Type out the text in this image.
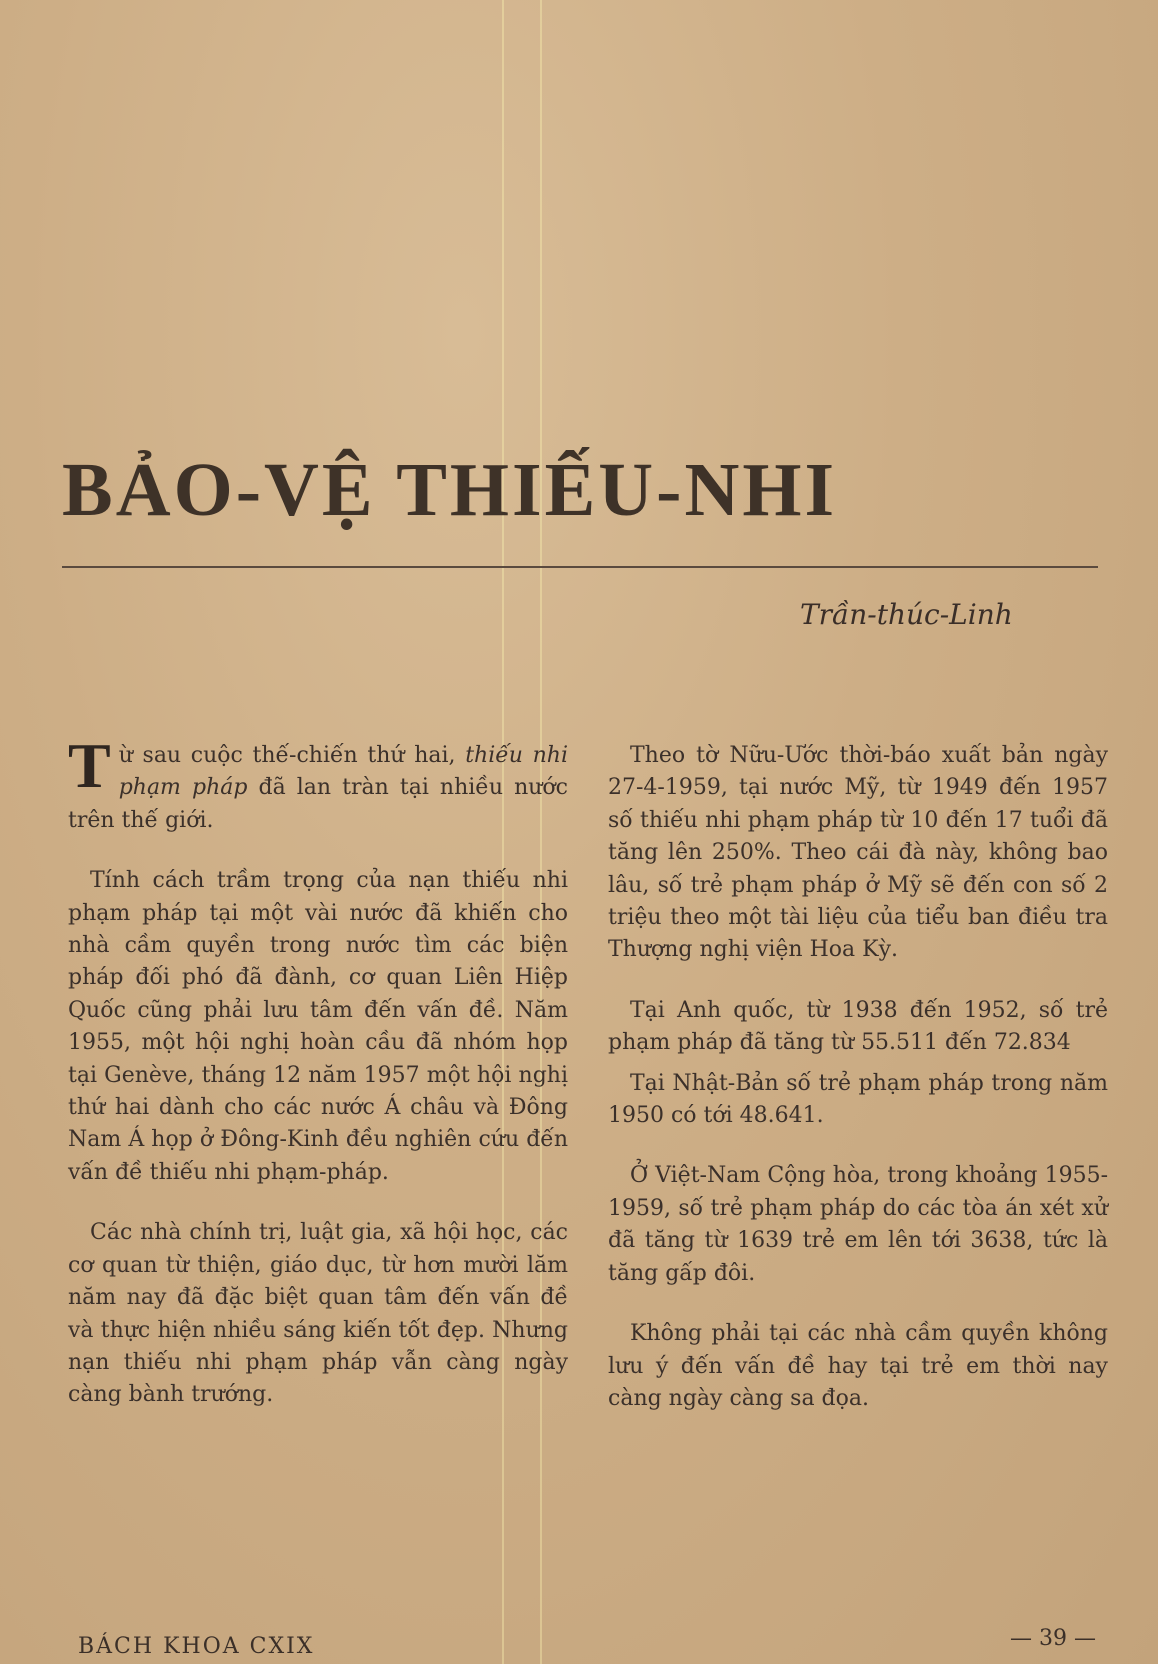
BẢO-VỆ THIẾU-NHI
Trần-thúc-Linh

Từ sau cuộc thế-chiến thứ hai, thiếu nhi phạm pháp đã lan tràn tại nhiều nước trên thế giới.

Tính cách trầm trọng của nạn thiếu nhi phạm pháp tại một vài nước đã khiến cho nhà cầm quyền trong nước tìm các biện pháp đối phó đã đành, cơ quan Liên Hiệp Quốc cũng phải lưu tâm đến vấn đề. Năm 1955, một hội nghị hoàn cầu đã nhóm họp tại Genève, tháng 12 năm 1957 một hội nghị thứ hai dành cho các nước Á châu và Đông Nam Á họp ở Đông-Kinh đều nghiên cứu đến vấn đề thiếu nhi phạm-pháp.

Các nhà chính trị, luật gia, xã hội học, các cơ quan từ thiện, giáo dục, từ hơn mười lăm năm nay đã đặc biệt quan tâm đến vấn đề và thực hiện nhiều sáng kiến tốt đẹp. Nhưng nạn thiếu nhi phạm pháp vẫn càng ngày càng bành trướng.

Theo tờ Nữu-Ước thời-báo xuất bản ngày 27-4-1959, tại nước Mỹ, từ 1949 đến 1957 số thiếu nhi phạm pháp từ 10 đến 17 tuổi đã tăng lên 250%. Theo cái đà này, không bao lâu, số trẻ phạm pháp ở Mỹ sẽ đến con số 2 triệu theo một tài liệu của tiểu ban điều tra Thượng nghị viện Hoa Kỳ.

Tại Anh quốc, từ 1938 đến 1952, số trẻ phạm pháp đã tăng từ 55.511 đến 72.834

Tại Nhật-Bản số trẻ phạm pháp trong năm 1950 có tới 48.641.

Ở Việt-Nam Cộng hòa, trong khoảng 1955-1959, số trẻ phạm pháp do các tòa án xét xử đã tăng từ 1639 trẻ em lên tới 3638, tức là tăng gấp đôi.

Không phải tại các nhà cầm quyền không lưu ý đến vấn đề hay tại trẻ em thời nay càng ngày càng sa đọa.

BÁCH KHOA CXIX	— 39 —
